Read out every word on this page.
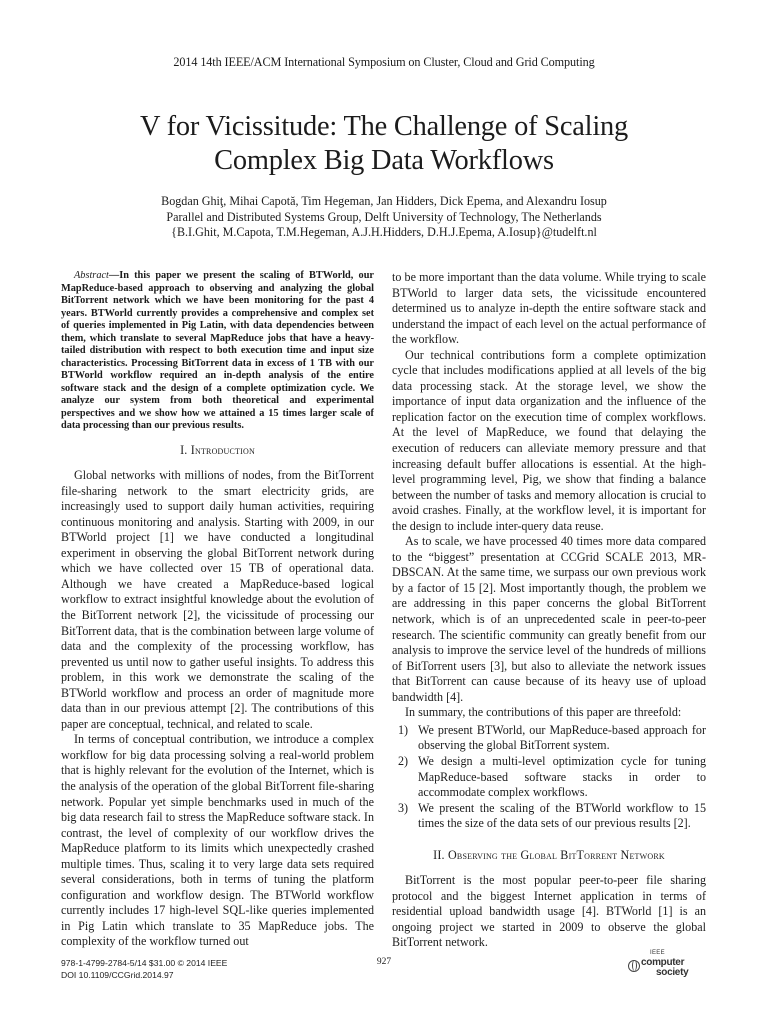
2014 14th IEEE/ACM International Symposium on Cluster, Cloud and Grid Computing
V for Vicissitude: The Challenge of Scaling
Complex Big Data Workflows
Bogdan Ghiţ, Mihai Capotă, Tim Hegeman, Jan Hidders, Dick Epema, and Alexandru Iosup
Parallel and Distributed Systems Group, Delft University of Technology, The Netherlands
{B.I.Ghit, M.Capota, T.M.Hegeman, A.J.H.Hidders, D.H.J.Epema, A.Iosup}@tudelft.nl

Abstract—In this paper we present the scaling of BTWorld, our MapReduce-based approach to observing and analyzing the global BitTorrent network which we have been monitoring for the past 4 years. BTWorld currently provides a comprehensive and complex set of queries implemented in Pig Latin, with data dependencies between them, which translate to several MapReduce jobs that have a heavy-tailed distribution with respect to both execution time and input size characteristics. Processing BitTorrent data in excess of 1 TB with our BTWorld workflow required an in-depth analysis of the entire software stack and the design of a complete optimization cycle. We analyze our system from both theoretical and experimental perspectives and we show how we attained a 15 times larger scale of data processing than our previous results.

I. Introduction

Global networks with millions of nodes, from the BitTorrent file-sharing network to the smart electricity grids, are increasingly used to support daily human activities, requiring continuous monitoring and analysis. Starting with 2009, in our BTWorld project [1] we have conducted a longitudinal experiment in observing the global BitTorrent network during which we have collected over 15 TB of operational data. Although we have created a MapReduce-based logical workflow to extract insightful knowledge about the evolution of the BitTorrent network [2], the vicissitude of processing our BitTorrent data, that is the combination between large volume of data and the complexity of the processing workflow, has prevented us until now to gather useful insights. To address this problem, in this work we demonstrate the scaling of the BTWorld workflow and process an order of magnitude more data than in our previous attempt [2]. The contributions of this paper are conceptual, technical, and related to scale.

In terms of conceptual contribution, we introduce a complex workflow for big data processing solving a real-world problem that is highly relevant for the evolution of the Internet, which is the analysis of the operation of the global BitTorrent file-sharing network. Popular yet simple benchmarks used in much of the big data research fail to stress the MapReduce software stack. In contrast, the level of complexity of our workflow drives the MapReduce platform to its limits which unexpectedly crashed multiple times. Thus, scaling it to very large data sets required several considerations, both in terms of tuning the platform configuration and workflow design. The BTWorld workflow currently includes 17 high-level SQL-like queries implemented in Pig Latin which translate to 35 MapReduce jobs. The complexity of the workflow turned out

to be more important than the data volume. While trying to scale BTWorld to larger data sets, the vicissitude encountered determined us to analyze in-depth the entire software stack and understand the impact of each level on the actual performance of the workflow.

Our technical contributions form a complete optimization cycle that includes modifications applied at all levels of the big data processing stack. At the storage level, we show the importance of input data organization and the influence of the replication factor on the execution time of complex workflows. At the level of MapReduce, we found that delaying the execution of reducers can alleviate memory pressure and that increasing default buffer allocations is essential. At the high-level programming level, Pig, we show that finding a balance between the number of tasks and memory allocation is crucial to avoid crashes. Finally, at the workflow level, it is important for the design to include inter-query data reuse.

As to scale, we have processed 40 times more data compared to the “biggest” presentation at CCGrid SCALE 2013, MR-DBSCAN. At the same time, we surpass our own previous work by a factor of 15 [2]. Most importantly though, the problem we are addressing in this paper concerns the global BitTorrent network, which is of an unprecedented scale in peer-to-peer research. The scientific community can greatly benefit from our analysis to improve the service level of the hundreds of millions of BitTorrent users [3], but also to alleviate the network issues that BitTorrent can cause because of its heavy use of upload bandwidth [4].

In summary, the contributions of this paper are threefold:

1) We present BTWorld, our MapReduce-based approach for observing the global BitTorrent system.
2) We design a multi-level optimization cycle for tuning MapReduce-based software stacks in order to accommodate complex workflows.
3) We present the scaling of the BTWorld workflow to 15 times the size of the data sets of our previous results [2].
II. Observing the Global BitTorrent Network

BitTorrent is the most popular peer-to-peer file sharing protocol and the biggest Internet application in terms of residential upload bandwidth usage [4]. BTWorld [1] is an ongoing project we started in 2009 to observe the global BitTorrent network.

978-1-4799-2784-5/14 $31.00 © 2014 IEEE
DOI 10.1109/CCGrid.2014.97
927
IEEE
computer
society
